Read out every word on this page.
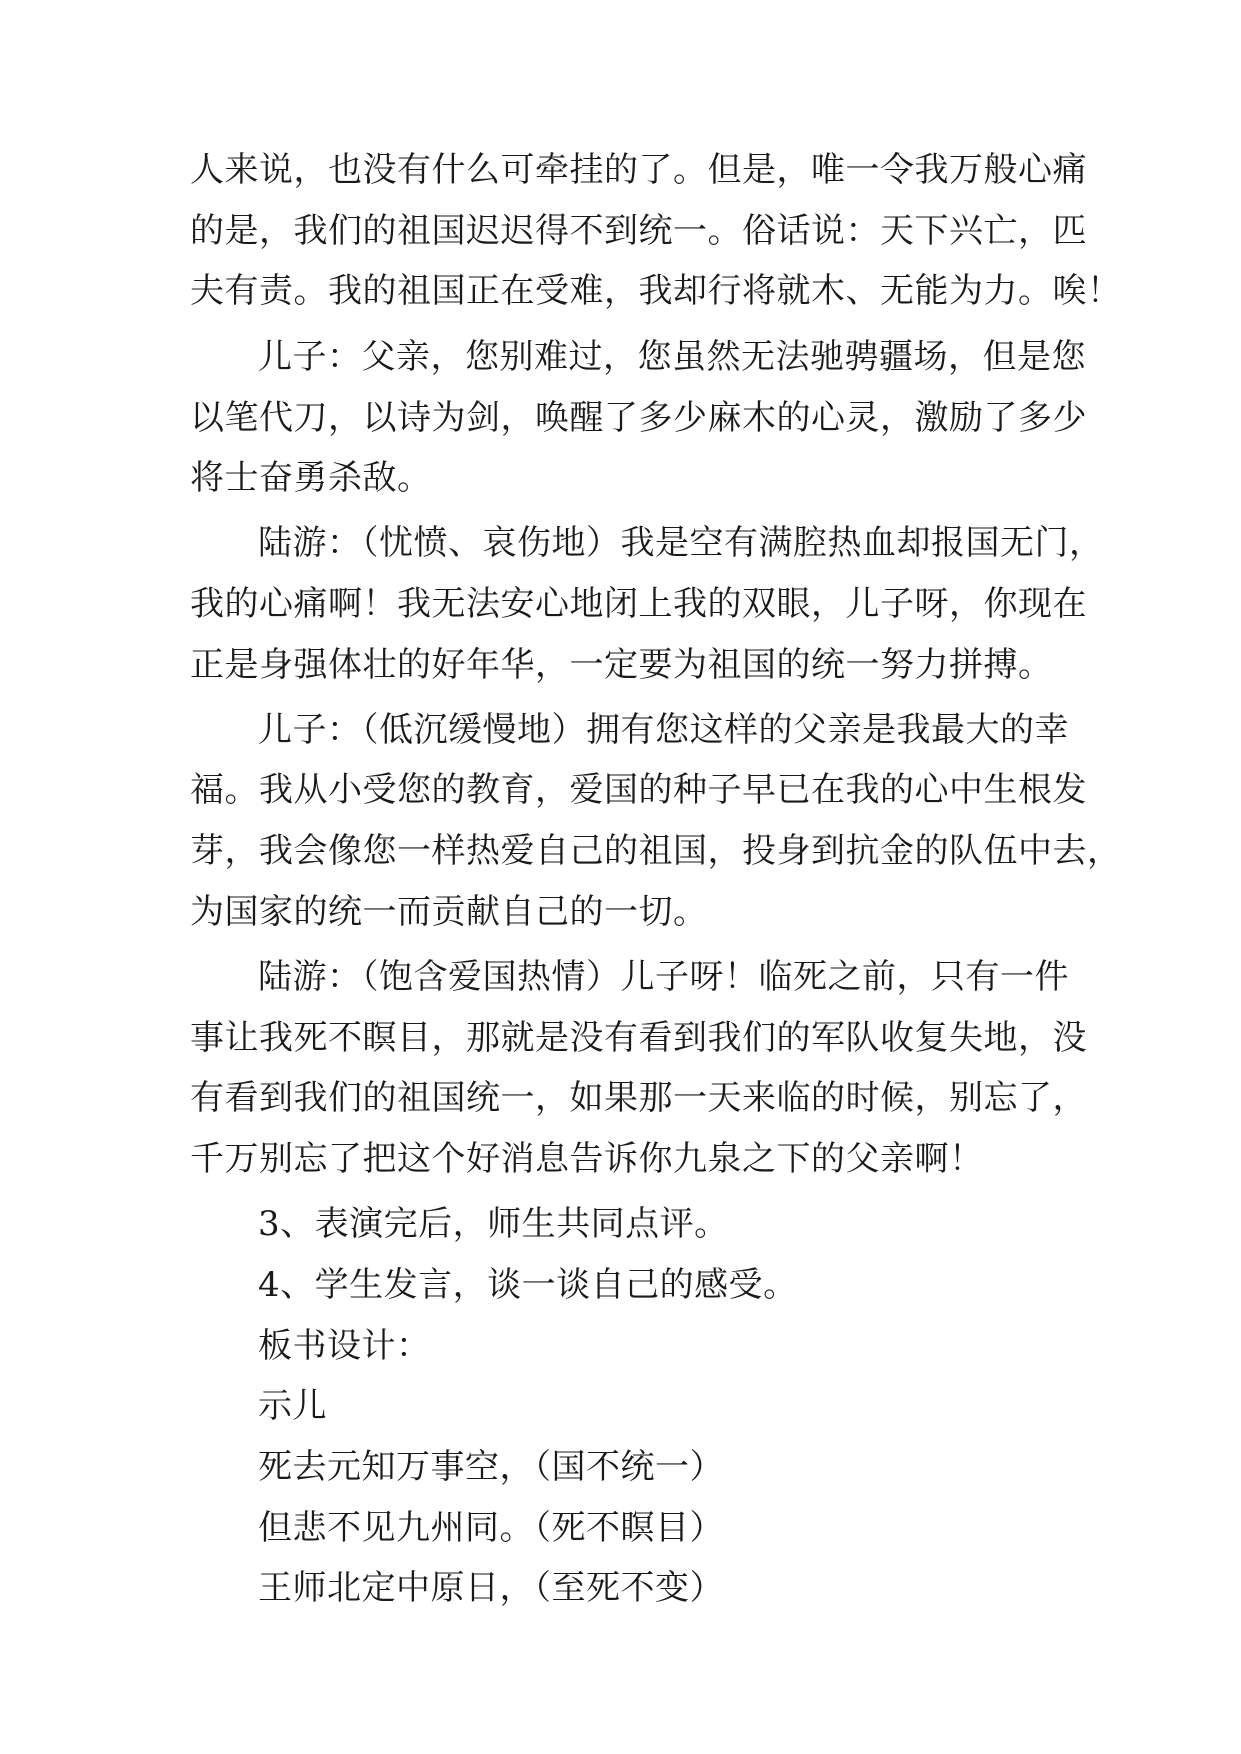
人来说，也没有什么可牵挂的了。但是，唯一令我万般心痛
的是，我们的祖国迟迟得不到统一。俗话说：天下兴亡，匹
夫有责。我的祖国正在受难，我却行将就木、无能为力。唉！
儿子：父亲，您别难过，您虽然无法驰骋疆场，但是您
以笔代刀，以诗为剑，唤醒了多少麻木的心灵，激励了多少
将士奋勇杀敌。
陆游：（忧愤、哀伤地）我是空有满腔热血却报国无门，
我的心痛啊！我无法安心地闭上我的双眼，儿子呀，你现在
正是身强体壮的好年华，一定要为祖国的统一努力拼搏。
儿子：（低沉缓慢地）拥有您这样的父亲是我最大的幸
福。我从小受您的教育，爱国的种子早已在我的心中生根发
芽，我会像您一样热爱自己的祖国，投身到抗金的队伍中去，
为国家的统一而贡献自己的一切。
陆游：（饱含爱国热情）儿子呀！临死之前，只有一件
事让我死不瞑目，那就是没有看到我们的军队收复失地，没
有看到我们的祖国统一，如果那一天来临的时候，别忘了，
千万别忘了把这个好消息告诉你九泉之下的父亲啊！
3、表演完后，师生共同点评。
4、学生发言，谈一谈自己的感受。
板书设计：
示儿
死去元知万事空，（国不统一）
但悲不见九州同。（死不瞑目）
王师北定中原日，（至死不变）
